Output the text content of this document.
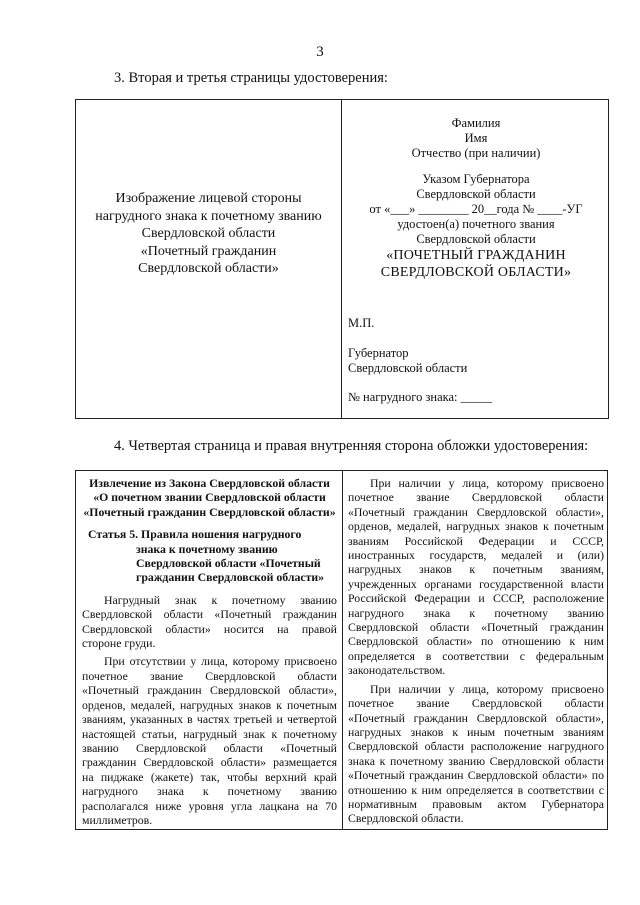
3
3. Вторая и третья страницы удостоверения:
Изображение лицевой стороны
нагрудного знака к почетному званию
Свердловской области
«Почетный гражданин
Свердловской области»
Фамилия
Имя
Отчество (при наличии)
Указом Губернатора
Свердловской области
от «___» ________ 20__года № ____-УГ
удостоен(а) почетного звания
Свердловской области
«ПОЧЕТНЫЙ ГРАЖДАНИН
СВЕРДЛОВСКОЙ ОБЛАСТИ»
М.П.
Губернатор
Свердловской области
№ нагрудного знака: _____
4. Четвертая страница и правая внутренняя сторона обложки удостоверения:
Извлечение из Закона Свердловской области
«О почетном звании Свердловской области
«Почетный гражданин Свердловской области»
Статья 5. Правила ношения нагрудного
знака к почетному званию
Свердловской области «Почетный
гражданин Свердловской области»
Нагрудный знак к почетному званию Свердловской области «Почетный гражданин Свердловской области» носится на правой стороне груди.
При отсутствии у лица, которому присвоено почетное звание Свердловской области «Почетный гражданин Свердловской области», орденов, медалей, нагрудных знаков к почетным званиям, указанных в частях третьей и четвертой настоящей статьи, нагрудный знак к почетному званию Свердловской области «Почетный гражданин Свердловской области» размещается на пиджаке (жакете) так, чтобы верхний край нагрудного знака к почетному званию располагался ниже уровня угла лацкана на 70 миллиметров.
При наличии у лица, которому присвоено почетное звание Свердловской области «Почетный гражданин Свердловской области», орденов, медалей, нагрудных знаков к почетным званиям Российской Федерации и СССР, иностранных государств, медалей и (или) нагрудных знаков к почетным званиям, учрежденных органами государственной власти Российской Федерации и СССР, расположение нагрудного знака к почетному званию Свердловской области «Почетный гражданин Свердловской области» по отношению к ним определяется в соответствии с федеральным законодательством.
При наличии у лица, которому присвоено почетное звание Свердловской области «Почетный гражданин Свердловской области», нагрудных знаков к иным почетным званиям Свердловской области расположение нагрудного знака к почетному званию Свердловской области «Почетный гражданин Свердловской области» по отношению к ним определяется в соответствии с нормативным правовым актом Губернатора Свердловской области.
